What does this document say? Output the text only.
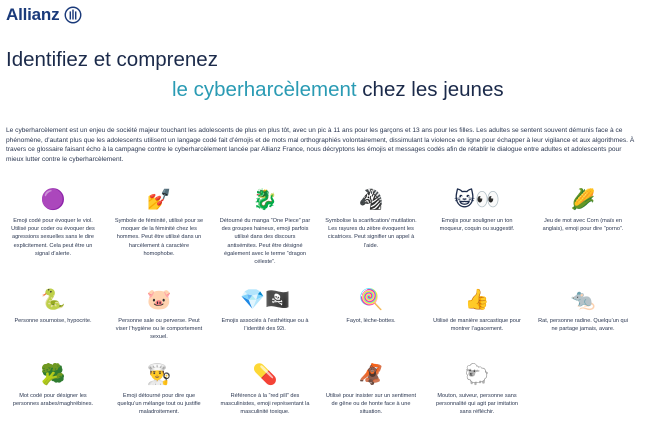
Allianz
Identifiez et comprenez
le cyberharcèlement chez les jeunes

Le cyberharcèlement est un enjeu de société majeur touchant les adolescents de plus en plus tôt, avec un pic à 11 ans pour les garçons et 13 ans pour les filles. Les adultes se sentent souvent démunis face à ce phénomène, d’autant plus que les adolescents utilisent un langage codé fait d’émojis et de mots mal orthographiés volontairement, dissimulant la violence en ligne pour échapper à leur vigilance et aux algorithmes. À travers ce glossaire faisant écho à la campagne contre le cyberharcèlement lancée par Allianz France, nous décryptons les émojis et messages codés afin de rétablir le dialogue entre adultes et adolescents pour mieux lutter contre le cyberharcèlement.

🟣
Emoji codé pour évoquer le viol. Utilisé pour coder ou évoquer des agressions sexuelles sans le dire explicitement. Cela peut être un signal d’alerte.
💅
Symbole de féminité, utilisé pour se moquer de la féminité chez les hommes. Peut être utilisé dans un harcèlement à caractère homophobe.
🐉
Détourné du manga “One Piece” par des groupes haineux, emoji parfois utilisé dans des discours antisémites. Peut être désigné également avec le terme “dragon céleste”.
🦓
Symbolise la scarification/ mutilation. Les rayures du zèbre évoquent les cicatrices. Peut signifier un appel à l’aide.
😺👀
Emojis pour souligner un ton moqueur, coquin ou suggestif.
🌽
Jeu de mot avec Corn (maïs en anglais), emoji pour dire “porno”.
🐍
Personne sournoise, hypocrite.
🐷
Personne sale ou perverse. Peut viser l’hygiène ou le comportement sexuel.
💎🏴‍☠️
Emojis associés à l’esthétique ou à l’identité des 92i.
🍭
Fayot, lèche-bottes.
👍
Utilisé de manière sarcastique pour montrer l’agacement.
🐀
Rat, personne radine. Quelqu’un qui ne partage jamais, avare.
🥦
Mot codé pour désigner les personnes arabes/maghrébines.
👨‍🍳
Emoji détourné pour dire que quelqu’un mélange tout ou justifie maladroitement.
💊
Référence à la “red pill” des masculinistes, emoji représentant la masculinité toxique.
🦧
Utilisé pour insister sur un sentiment de gêne ou de honte face à une situation.
🐑
Mouton, suiveur, personne sans personnalité qui agit par imitation sans réfléchir.
